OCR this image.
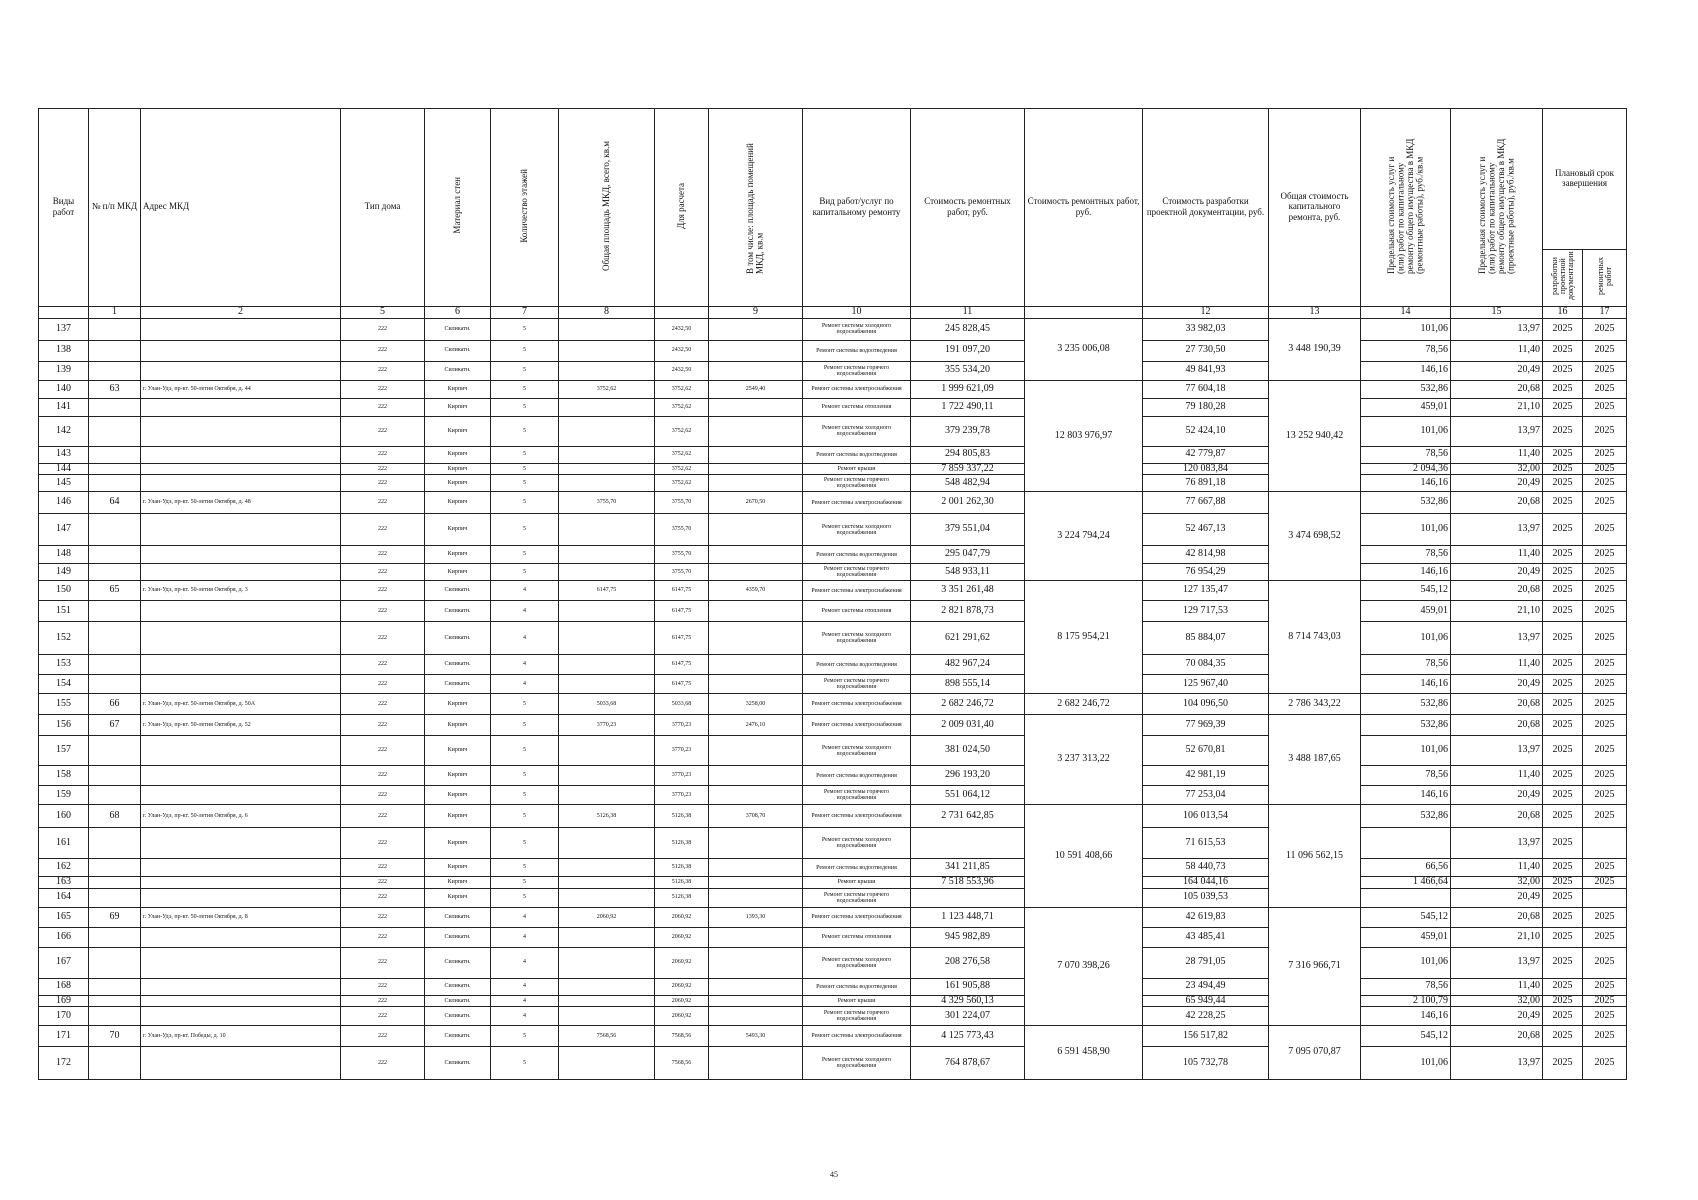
Виды работ	№ п/п МКД	Адрес МКД	Тип дома	Материал стен	Количество этажей	Общая площадь МКД, всего, кв.м	Для расчета	В том числе: площадь помещений МКД, кв.м	Вид работ/услуг по капитальному ремонту	Стоимость ремонтных работ, руб.	Стоимость ремонтных работ, руб.	Стоимость разработки проектной документации, руб.	Общая стоимость капитального ремонта, руб.	Предельная стоимость услуг и (или) работ по капитальному ремонту общего имущества в МКД (ремонтные работы), руб./кв.м	Предельная стоимость услуг и (или) работ по капитальному ремонту общего имущества в МКД (проектные работы), руб./кв.м	Плановый срок завершения	
																разработки проектной документации	ремонтных работ
	1	2	5	6	7	8		9	10	11		12	13	14	15	16	17
137			222	Силикатн.	5		2432,50		Ремонт системы холодного водоснабжения	245 828,45	3 235 006,08	33 982,03	3 448 190,39	101,06	13,97	2025	2025
138			222	Силикатн.	5		2432,50		Ремонт системы водоотведения	191 097,20		27 730,50		78,56	11,40	2025	2025
139			222	Силикатн.	5		2432,50		Ремонт системы горячего водоснабжения	355 534,20		49 841,93		146,16	20,49	2025	2025
140	63	г. Улан-Удэ, пр-кт. 50-летия Октября, д. 44	222	Кирпич	5	3752,62	3752,62	2549,40	Ремонт системы электроснабжения	1 999 621,09	12 803 976,97	77 604,18	13 252 940,42	532,86	20,68	2025	2025
141			222	Кирпич	5		3752,62		Ремонт системы отопления	1 722 490,11		79 180,28		459,01	21,10	2025	2025
142			222	Кирпич	5		3752,62		Ремонт системы холодного водоснабжения	379 239,78		52 424,10		101,06	13,97	2025	2025
143			222	Кирпич	5		3752,62		Ремонт системы водоотведения	294 805,83		42 779,87		78,56	11,40	2025	2025
144			222	Кирпич	5		3752,62		Ремонт крыши	7 859 337,22		120 083,84		2 094,36	32,00	2025	2025
145			222	Кирпич	5		3752,62		Ремонт системы горячего водоснабжения	548 482,94		76 891,18		146,16	20,49	2025	2025
146	64	г. Улан-Удэ, пр-кт. 50-летия Октября, д. 48	222	Кирпич	5	3755,70	3755,70	2670,50	Ремонт системы электроснабжения	2 001 262,30	3 224 794,24	77 667,88	3 474 698,52	532,86	20,68	2025	2025
147			222	Кирпич	5		3755,70		Ремонт системы холодного водоснабжения	379 551,04		52 467,13		101,06	13,97	2025	2025
148			222	Кирпич	5		3755,70		Ремонт системы водоотведения	295 047,79		42 814,98		78,56	11,40	2025	2025
149			222	Кирпич	5		3755,70		Ремонт системы горячего водоснабжения	548 933,11		76 954,29		146,16	20,49	2025	2025
150	65	г. Улан-Удэ, пр-кт. 50-летия Октября, д. 3	222	Силикатн.	4	6147,75	6147,75	4359,70	Ремонт системы электроснабжения	3 351 261,48	8 175 954,21	127 135,47	8 714 743,03	545,12	20,68	2025	2025
151			222	Силикатн.	4		6147,75		Ремонт системы отопления	2 821 878,73		129 717,53		459,01	21,10	2025	2025
152			222	Силикатн.	4		6147,75		Ремонт системы холодного водоснабжения	621 291,62		85 884,07		101,06	13,97	2025	2025
153			222	Силикатн.	4		6147,75		Ремонт системы водоотведения	482 967,24		70 084,35		78,56	11,40	2025	2025
154			222	Силикатн.	4		6147,75		Ремонт системы горячего водоснабжения	898 555,14		125 967,40		146,16	20,49	2025	2025
155	66	г. Улан-Удэ, пр-кт. 50-летия Октября, д. 50А	222	Кирпич	5	5033,68	5033,68	3258,00	Ремонт системы электроснабжения	2 682 246,72	2 682 246,72	104 096,50	2 786 343,22	532,86	20,68	2025	2025
156	67	г. Улан-Удэ, пр-кт. 50-летия Октября, д. 52	222	Кирпич	5	3770,23	3770,23	2476,10	Ремонт системы электроснабжения	2 009 031,40	3 237 313,22	77 969,39	3 488 187,65	532,86	20,68	2025	2025
157			222	Кирпич	5		3770,23		Ремонт системы холодного водоснабжения	381 024,50		52 670,81		101,06	13,97	2025	2025
158			222	Кирпич	5		3770,23		Ремонт системы водоотведения	296 193,20		42 981,19		78,56	11,40	2025	2025
159			222	Кирпич	5		3770,23		Ремонт системы горячего водоснабжения	551 064,12		77 253,04		146,16	20,49	2025	2025
160	68	г. Улан-Удэ, пр-кт. 50-летия Октября, д. 6	222	Кирпич	5	5126,38	5126,38	3708,70	Ремонт системы электроснабжения	2 731 642,85	10 591 408,66	106 013,54	11 096 562,15	532,86	20,68	2025	2025
161			222	Кирпич	5		5126,38		Ремонт системы холодного водоснабжения			71 615,53			13,97	2025	
162			222	Кирпич	5		5126,38		Ремонт системы водоотведения	341 211,85		58 440,73		66,56	11,40	2025	2025
163			222	Кирпич	5		5126,38		Ремонт крыши	7 518 553,96		164 044,16		1 466,64	32,00	2025	2025
164			222	Кирпич	5		5126,38		Ремонт системы горячего водоснабжения			105 039,53			20,49	2025	
165	69	г. Улан-Удэ, пр-кт. 50-летия Октября, д. 8	222	Силикатн.	4	2060,92	2060,92	1393,30	Ремонт системы электроснабжения	1 123 448,71	7 070 398,26	42 619,83	7 316 966,71	545,12	20,68	2025	2025
166			222	Силикатн.	4		2060,92		Ремонт системы отопления	945 982,89		43 485,41		459,01	21,10	2025	2025
167			222	Силикатн.	4		2060,92		Ремонт системы холодного водоснабжения	208 276,58		28 791,05		101,06	13,97	2025	2025
168			222	Силикатн.	4		2060,92		Ремонт системы водоотведения	161 905,88		23 494,49		78,56	11,40	2025	2025
169			222	Силикатн.	4		2060,92		Ремонт крыши	4 329 560,13		65 949,44		2 100,79	32,00	2025	2025
170			222	Силикатн.	4		2060,92		Ремонт системы горячего водоснабжения	301 224,07		42 228,25		146,16	20,49	2025	2025
171	70	г. Улан-Удэ, пр-кт. Победы, д. 10	222	Силикатн.	5	7568,56	7568,56	5493,30	Ремонт системы электроснабжения	4 125 773,43	6 591 458,90	156 517,82	7 095 070,87	545,12	20,68	2025	2025
172			222	Силикатн.	5		7568,56		Ремонт системы холодного водоснабжения	764 878,67		105 732,78		101,06	13,97	2025	2025
45
